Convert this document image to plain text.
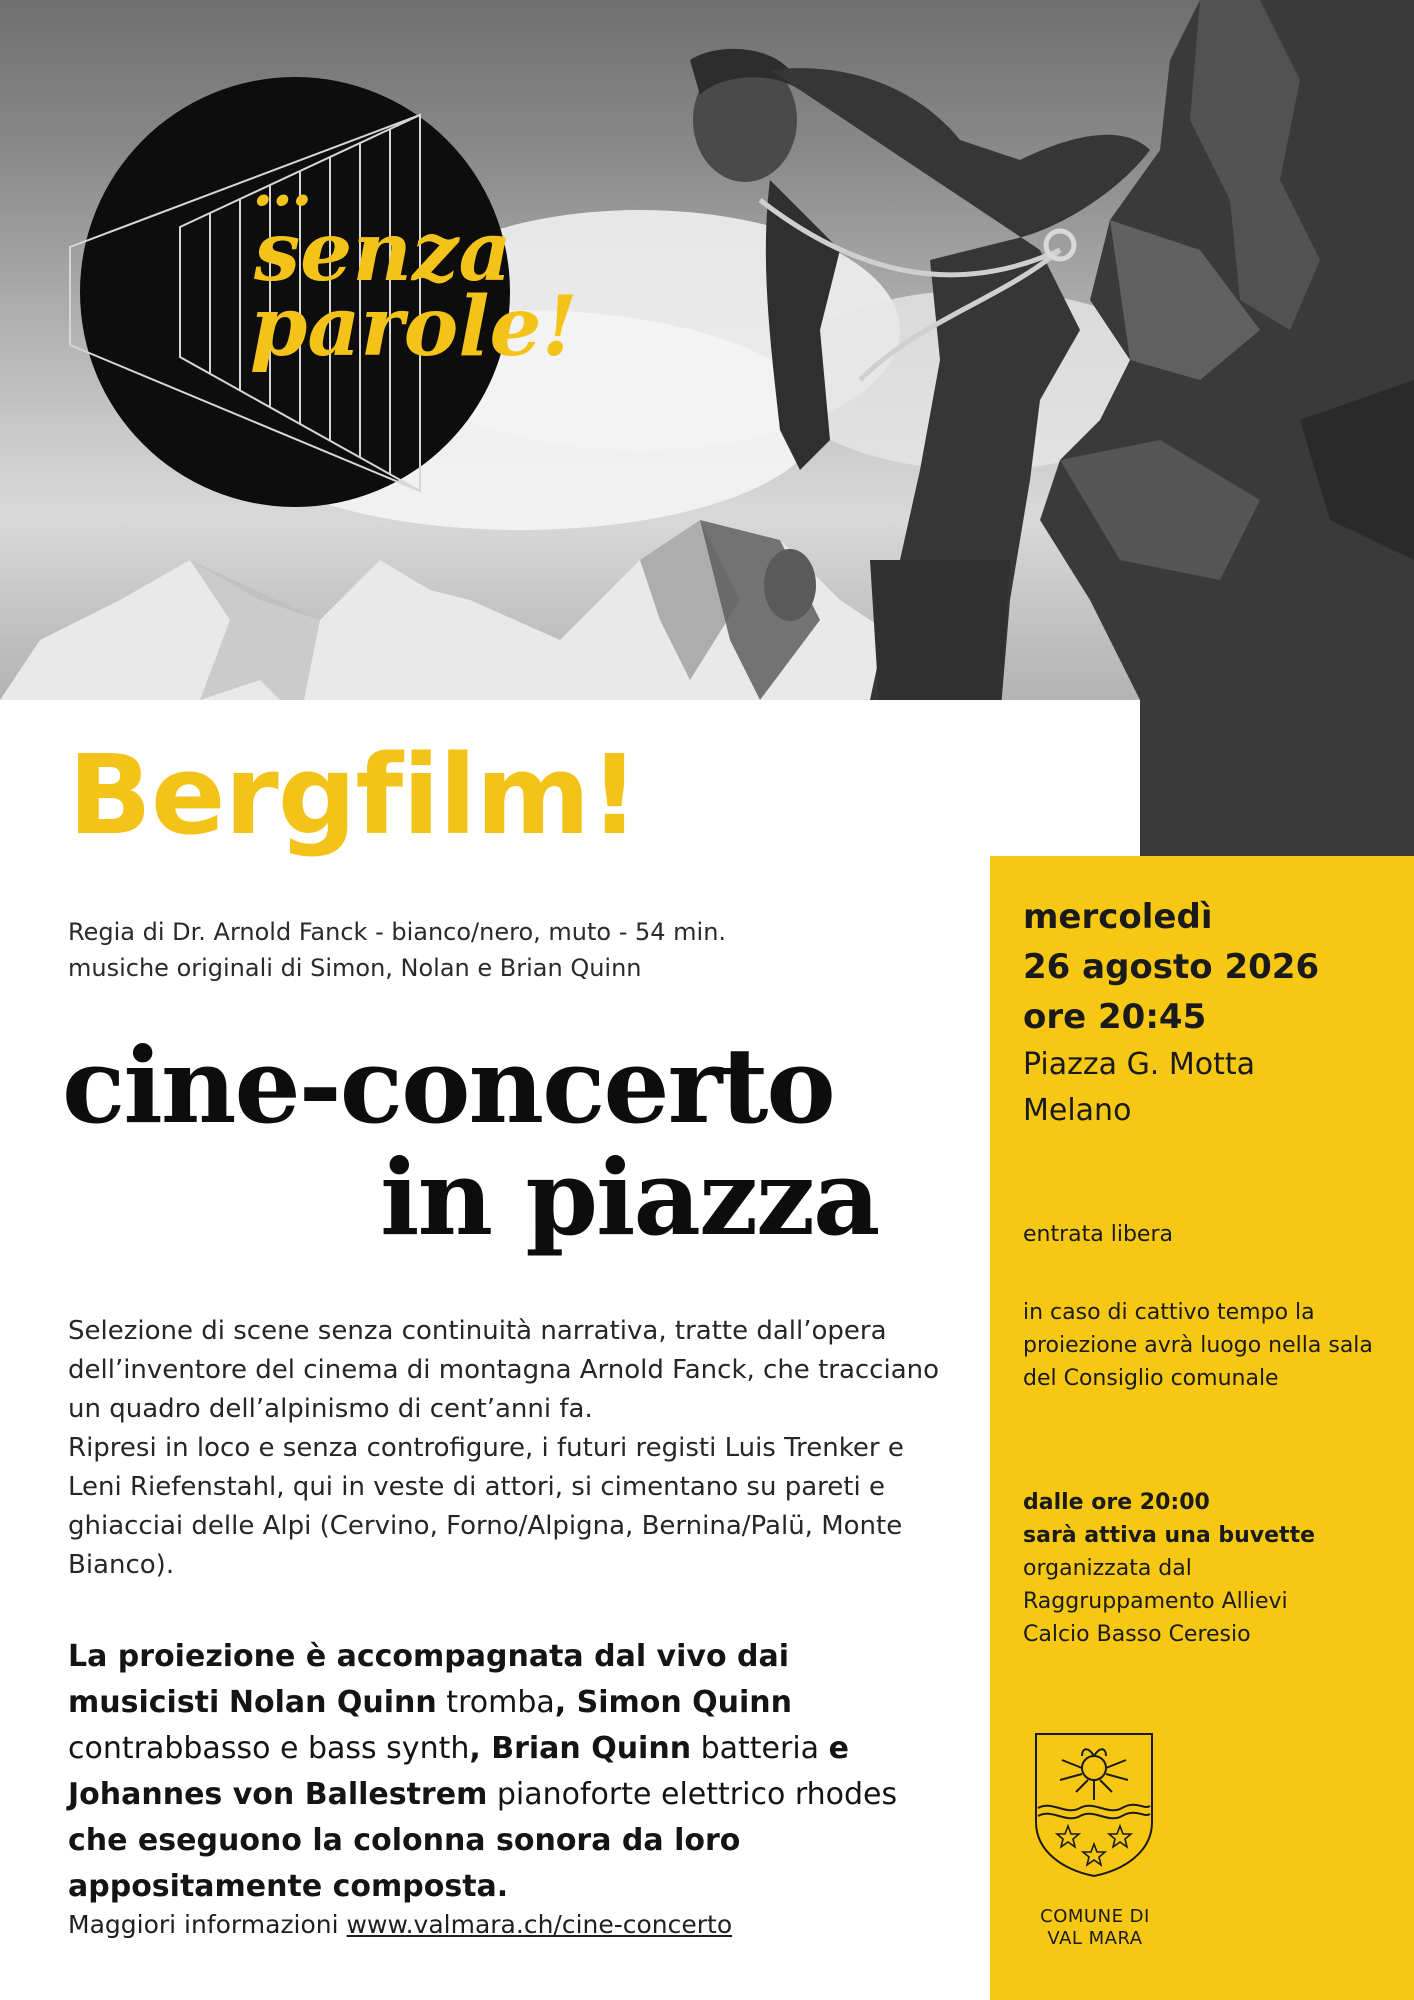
...
senza
parole!
Bergfilm!
Regia di Dr. Arnold Fanck - bianco/nero, muto - 54 min.
musiche originali di Simon, Nolan e Brian Quinn
cine-concerto
in piazza

Selezione di scene senza continuità narrativa, tratte dall’opera dell’inventore del cinema di montagna Arnold Fanck, che tracciano un quadro dell’alpinismo di cent’anni fa.

Ripresi in loco e senza controfigure, i futuri registi Luis Trenker e Leni Riefenstahl, qui in veste di attori, si cimentano su pareti e ghiacciai delle Alpi (Cervino, Forno/Alpigna, Bernina/Palü, Monte Bianco).

La proiezione è accompagnata dal vivo dai musicisti Nolan Quinn tromba, Simon Quinn contrabbasso e bass synth, Brian Quinn batteria e Johannes von Ballestrem pianoforte elettrico rhodes che eseguono la colonna sonora da loro appositamente composta.

Maggiori informazioni www.valmara.ch/cine-concerto

mercoledì

26 agosto 2026

ore 20:45

Piazza G. Motta

Melano

entrata libera

in caso di cattivo tempo la proiezione avrà luogo nella sala del Consiglio comunale

dalle ore 20:00
sarà attiva una buvette
organizzata dal Raggruppamento Allievi Calcio Basso Ceresio
COMUNE DI
VAL MARA
